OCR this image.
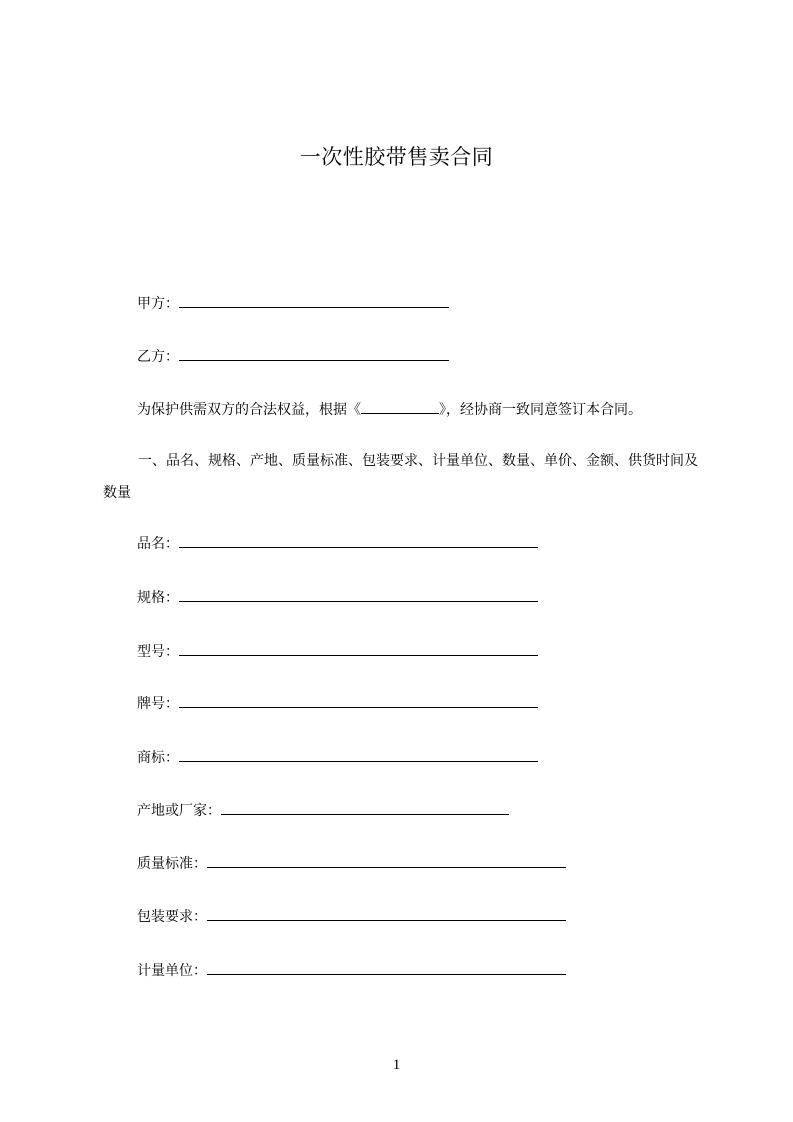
一次性胶带售卖合同
甲方：
乙方：
为保护供需双方的合法权益，根据《	》，经协商一致同意签订本合同。
一、品名、规格、产地、质量标准、包装要求、计量单位、数量、单价、金额、供货时间及数量
品名：
规格：
型号：
牌号：
商标：
产地或厂家：
质量标准：
包装要求：
计量单位：
1
